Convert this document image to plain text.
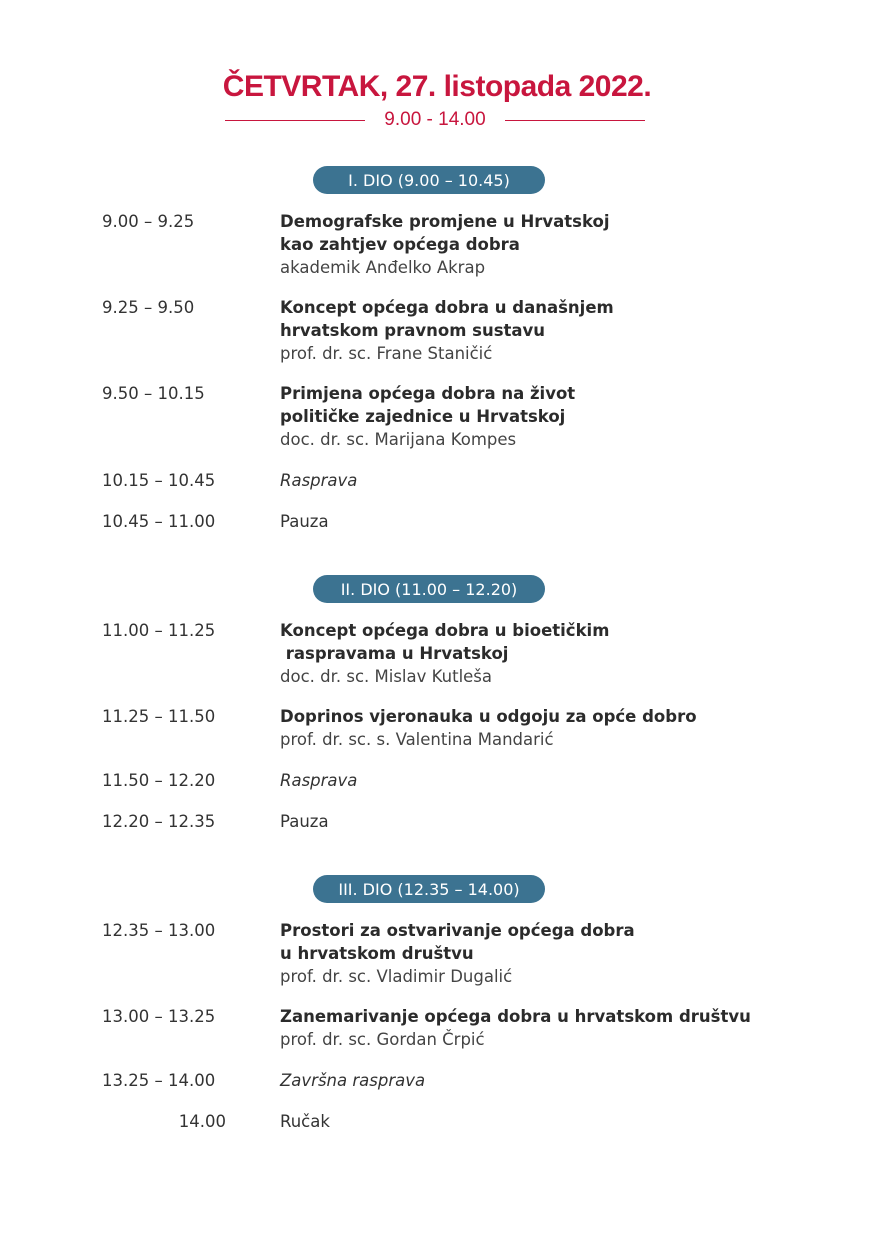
ČETVRTAK, 27. listopada 2022.
9.00 - 14.00
I. DIO (9.00 – 10.45)
9.00 – 9.25	Demografske promjene u Hrvatskoj
kao zahtjev općega dobra
akademik Anđelko Akrap
9.25 – 9.50	Koncept općega dobra u današnjem
hrvatskom pravnom sustavu
prof. dr. sc. Frane Staničić
9.50 – 10.15	Primjena općega dobra na život
političke zajednice u Hrvatskoj
doc. dr. sc. Marijana Kompes
10.15 – 10.45	Rasprava
10.45 – 11.00	Pauza
II. DIO (11.00 – 12.20)
11.00 – 11.25	Koncept općega dobra u bioetičkim
raspravama u Hrvatskoj
doc. dr. sc. Mislav Kutleša
11.25 – 11.50	Doprinos vjeronauka u odgoju za opće dobro
prof. dr. sc. s. Valentina Mandarić
11.50 – 12.20	Rasprava
12.20 – 12.35	Pauza
III. DIO (12.35 – 14.00)
12.35 – 13.00	Prostori za ostvarivanje općega dobra
u hrvatskom društvu
prof. dr. sc. Vladimir Dugalić
13.00 – 13.25	Zanemarivanje općega dobra u hrvatskom društvu
prof. dr. sc. Gordan Črpić
13.25 – 14.00	Završna rasprava
14.00	Ručak
